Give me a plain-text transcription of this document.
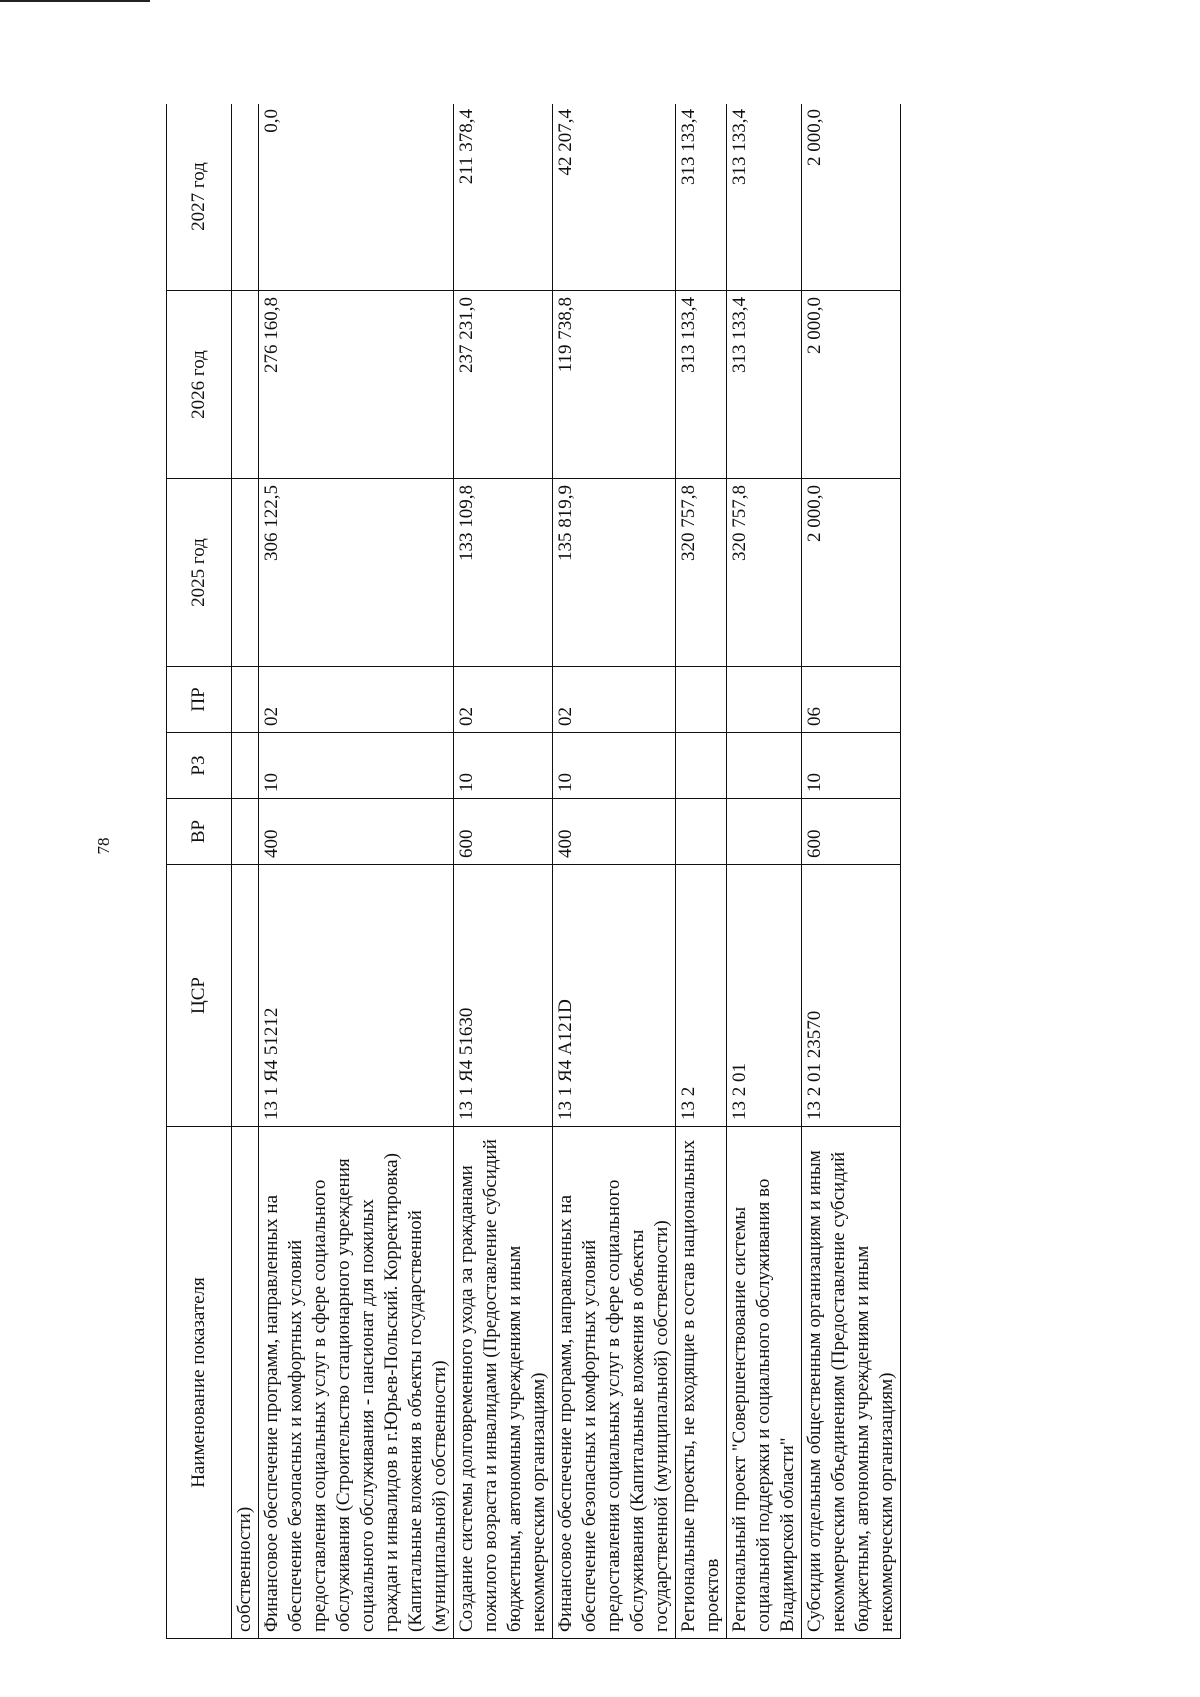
78
Наименование показателя	ЦСР	ВР	РЗ	ПР	2025 год	2026 год	2027 год
собственности)							
Финансовое обеспечение программ, направленных на обеспечение безопасных и комфортных условий предоставления социальных услуг в сфере социального обслуживания (Строительство стационарного учреждения социального обслуживания - пансионат для пожилых граждан и инвалидов в г.Юрьев-Польский. Корректировка) (Капитальные вложения в объекты государственной (муниципальной) собственности)	13 1 Я4 51212	400	10	02	306 122,5	276 160,8	0,0
Создание системы долговременного ухода за гражданами пожилого возраста и инвалидами (Предоставление субсидий бюджетным, автономным учреждениям и иным некоммерческим организациям)	13 1 Я4 51630	600	10	02	133 109,8	237 231,0	211 378,4
Финансовое обеспечение программ, направленных на обеспечение безопасных и комфортных условий предоставления социальных услуг в сфере социального обслуживания (Капитальные вложения в объекты государственной (муниципальной) собственности)	13 1 Я4 А121D	400	10	02	135 819,9	119 738,8	42 207,4
Региональные проекты, не входящие в состав национальных проектов	13 2				320 757,8	313 133,4	313 133,4
Региональный проект "Совершенствование системы социальной поддержки и социального обслуживания во Владимирской области"	13 2 01				320 757,8	313 133,4	313 133,4
Субсидии отдельным общественным организациям и иным некоммерческим объединениям (Предоставление субсидий бюджетным, автономным учреждениям и иным некоммерческим организациям)	13 2 01 23570	600	10	06	2 000,0	2 000,0	2 000,0
